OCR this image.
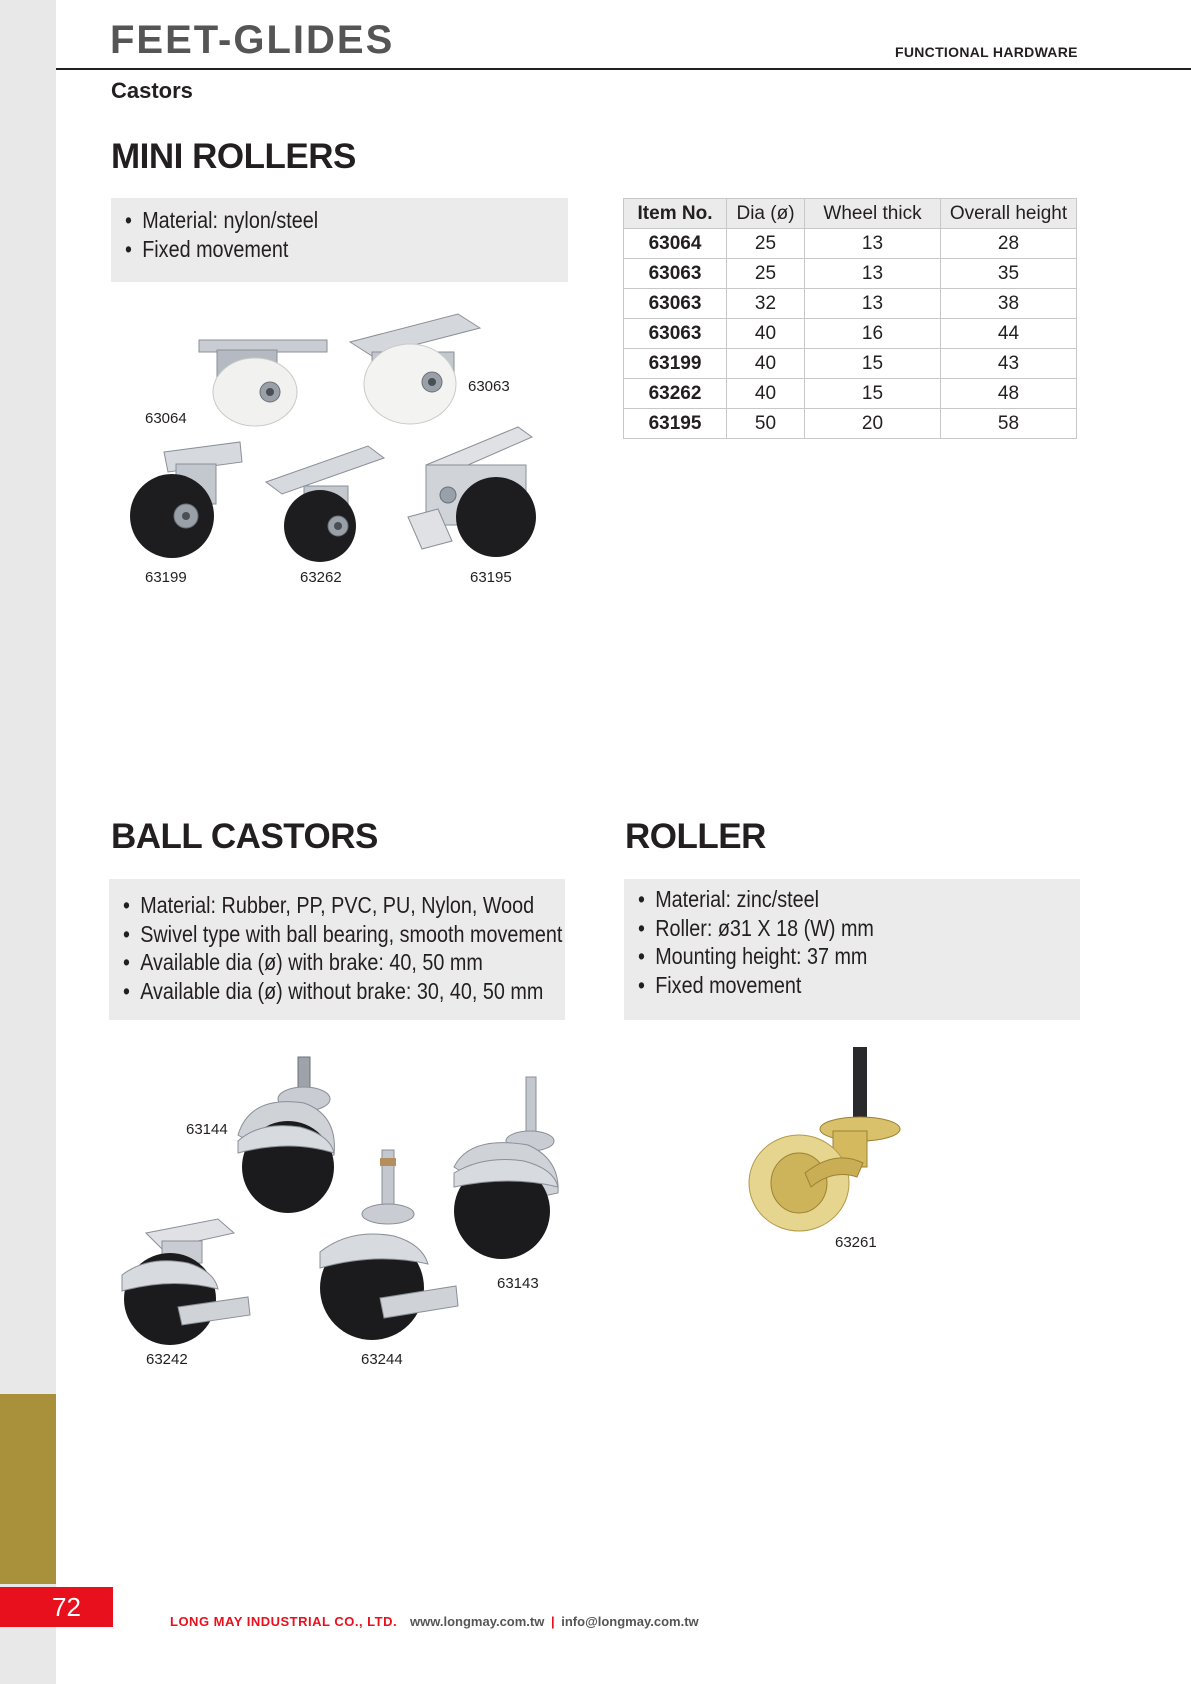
72
FEET-GLIDES	FUNCTIONAL HARDWARE
Castors
MINI ROLLERS
• Material: nylon/steel
• Fixed movement
Item No.	Dia (ø)	Wheel thick	Overall height
63064	25	13	28
63063	25	13	35
63063	32	13	38
63063	40	16	44
63199	40	15	43
63262	40	15	48
63195	50	20	58
63064
63063
63199	63262	63195
BALL CASTORS
• Material: Rubber, PP, PVC, PU, Nylon, Wood
• Swivel type with ball bearing, smooth movement
• Available dia (ø) with brake: 40, 50 mm
• Available dia (ø) without brake: 30, 40, 50 mm
63144
63143
63242	63244
ROLLER
• Material: zinc/steel
• Roller: ø31 X 18 (W) mm
• Mounting height: 37 mm
• Fixed movement
63261
LONG MAY INDUSTRIAL CO., LTD. www.longmay.com.tw | info@longmay.com.tw
